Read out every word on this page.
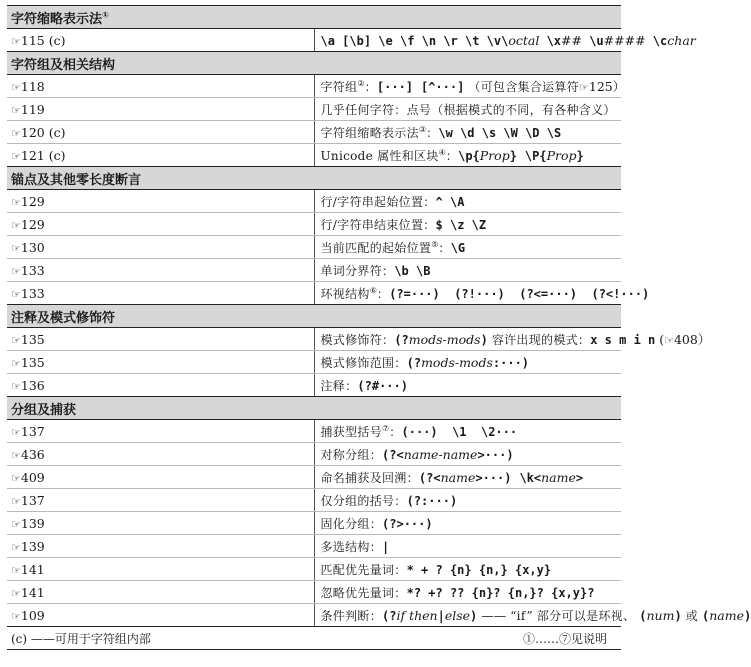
字符缩略表示法①
☞115 (c)	\a [\b] \e \f \n \r \t \v\octal \x## \u#### \cchar
字符组及相关结构	
☞118	字符组②：[···] [^···] （可包含集合运算符☞125）
☞119	几乎任何字符：点号（根据模式的不同，有各种含义）
☞120 (c)	字符组缩略表示法③：\w \d \s \W \D \S
☞121 (c)	Unicode 属性和区块④：\p{Prop} \P{Prop}
锚点及其他零长度断言	
☞129	行/字符串起始位置：^ \A
☞129	行/字符串结束位置：$ \z \Z
☞130	当前匹配的起始位置⑤：\G
☞133	单词分界符：\b \B
☞133	环视结构⑥：(?=···)  (?!···)  (?<=···)  (?<!···)
注释及模式修饰符	
☞135	模式修饰符：(?mods-mods) 容许出现的模式：x s m i n (☞408）
☞135	模式修饰范围：(?mods-mods:···)
☞136	注释：(?#···)
分组及捕获	
☞137	捕获型括号⑦：(···)  \1  \2···
☞436	对称分组：(?<name-name>···)
☞409	命名捕获及回溯：(?<name>···) \k<name>
☞137	仅分组的括号：(?:···)
☞139	固化分组：(?>···)
☞139	多选结构：|
☞141	匹配优先量词：* + ? {n} {n,} {x,y}
☞141	忽略优先量词：*? +? ?? {n}? {n,}? {x,y}?
☞109	条件判断：(?if then|else) —— “if” 部分可以是环视、 (num) 或 (name)
(c) ——可用于字符组内部	①……⑦见说明
